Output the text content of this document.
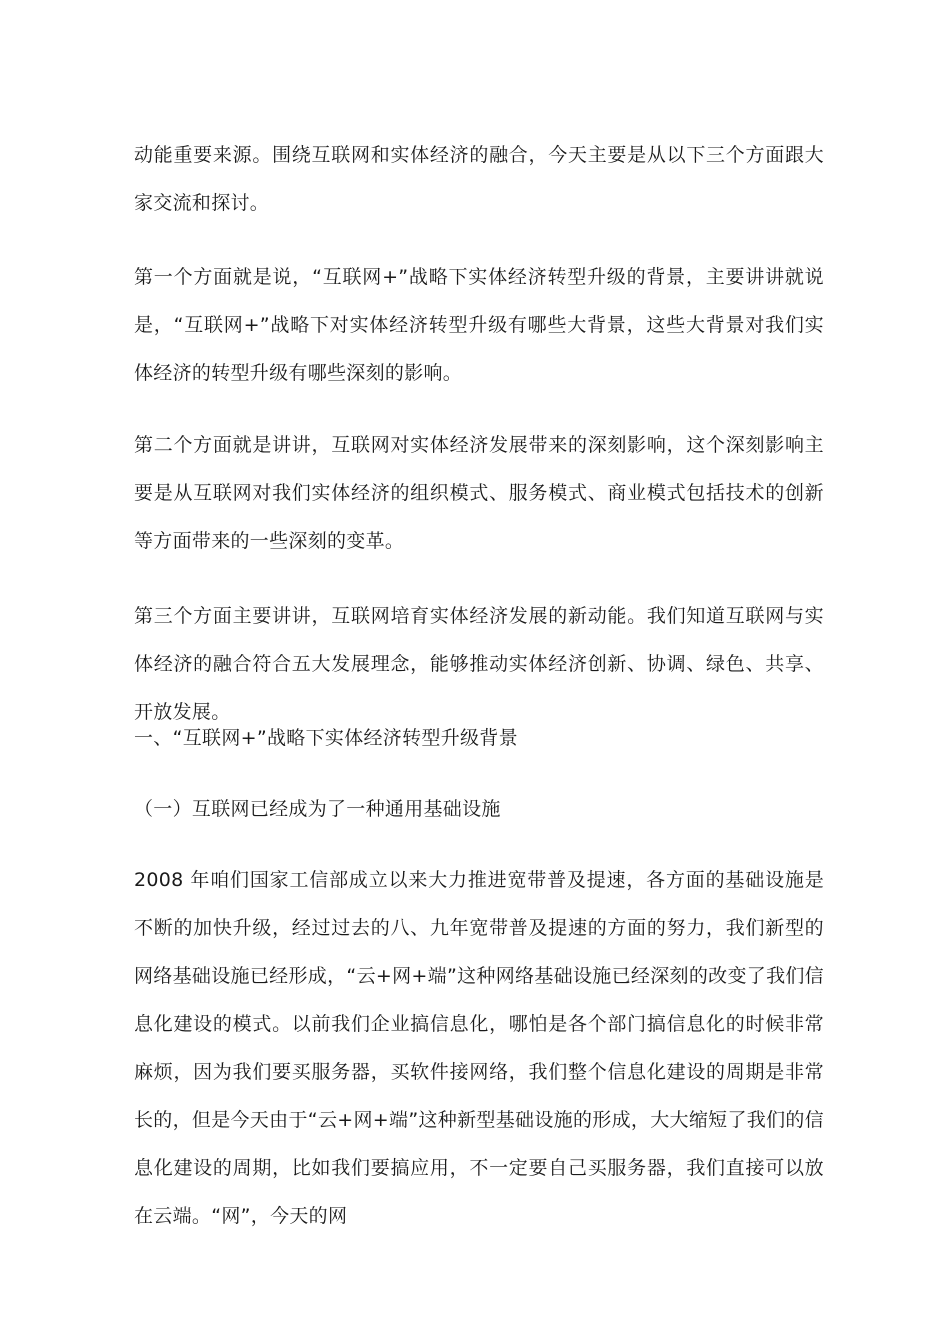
动能重要来源。围绕互联网和实体经济的融合，今天主要是从以下三个方面跟大家交流和探讨。

第一个方面就是说，“互联网+”战略下实体经济转型升级的背景，主要讲讲就说是，“互联网+”战略下对实体经济转型升级有哪些大背景，这些大背景对我们实体经济的转型升级有哪些深刻的影响。

第二个方面就是讲讲，互联网对实体经济发展带来的深刻影响，这个深刻影响主要是从互联网对我们实体经济的组织模式、服务模式、商业模式包括技术的创新等方面带来的一些深刻的变革。

第三个方面主要讲讲，互联网培育实体经济发展的新动能。我们知道互联网与实体经济的融合符合五大发展理念，能够推动实体经济创新、协调、绿色、共享、开放发展。

一、“互联网+”战略下实体经济转型升级背景

（一）互联网已经成为了一种通用基础设施

2008 年咱们国家工信部成立以来大力推进宽带普及提速，各方面的基础设施是不断的加快升级，经过过去的八、九年宽带普及提速的方面的努力，我们新型的网络基础设施已经形成，“云+网+端”这种网络基础设施已经深刻的改变了我们信息化建设的模式。以前我们企业搞信息化，哪怕是各个部门搞信息化的时候非常麻烦，因为我们要买服务器，买软件接网络，我们整个信息化建设的周期是非常长的，但是今天由于“云+网+端”这种新型基础设施的形成，大大缩短了我们的信息化建设的周期，比如我们要搞应用，不一定要自己买服务器，我们直接可以放在云端。“网”，今天的网
